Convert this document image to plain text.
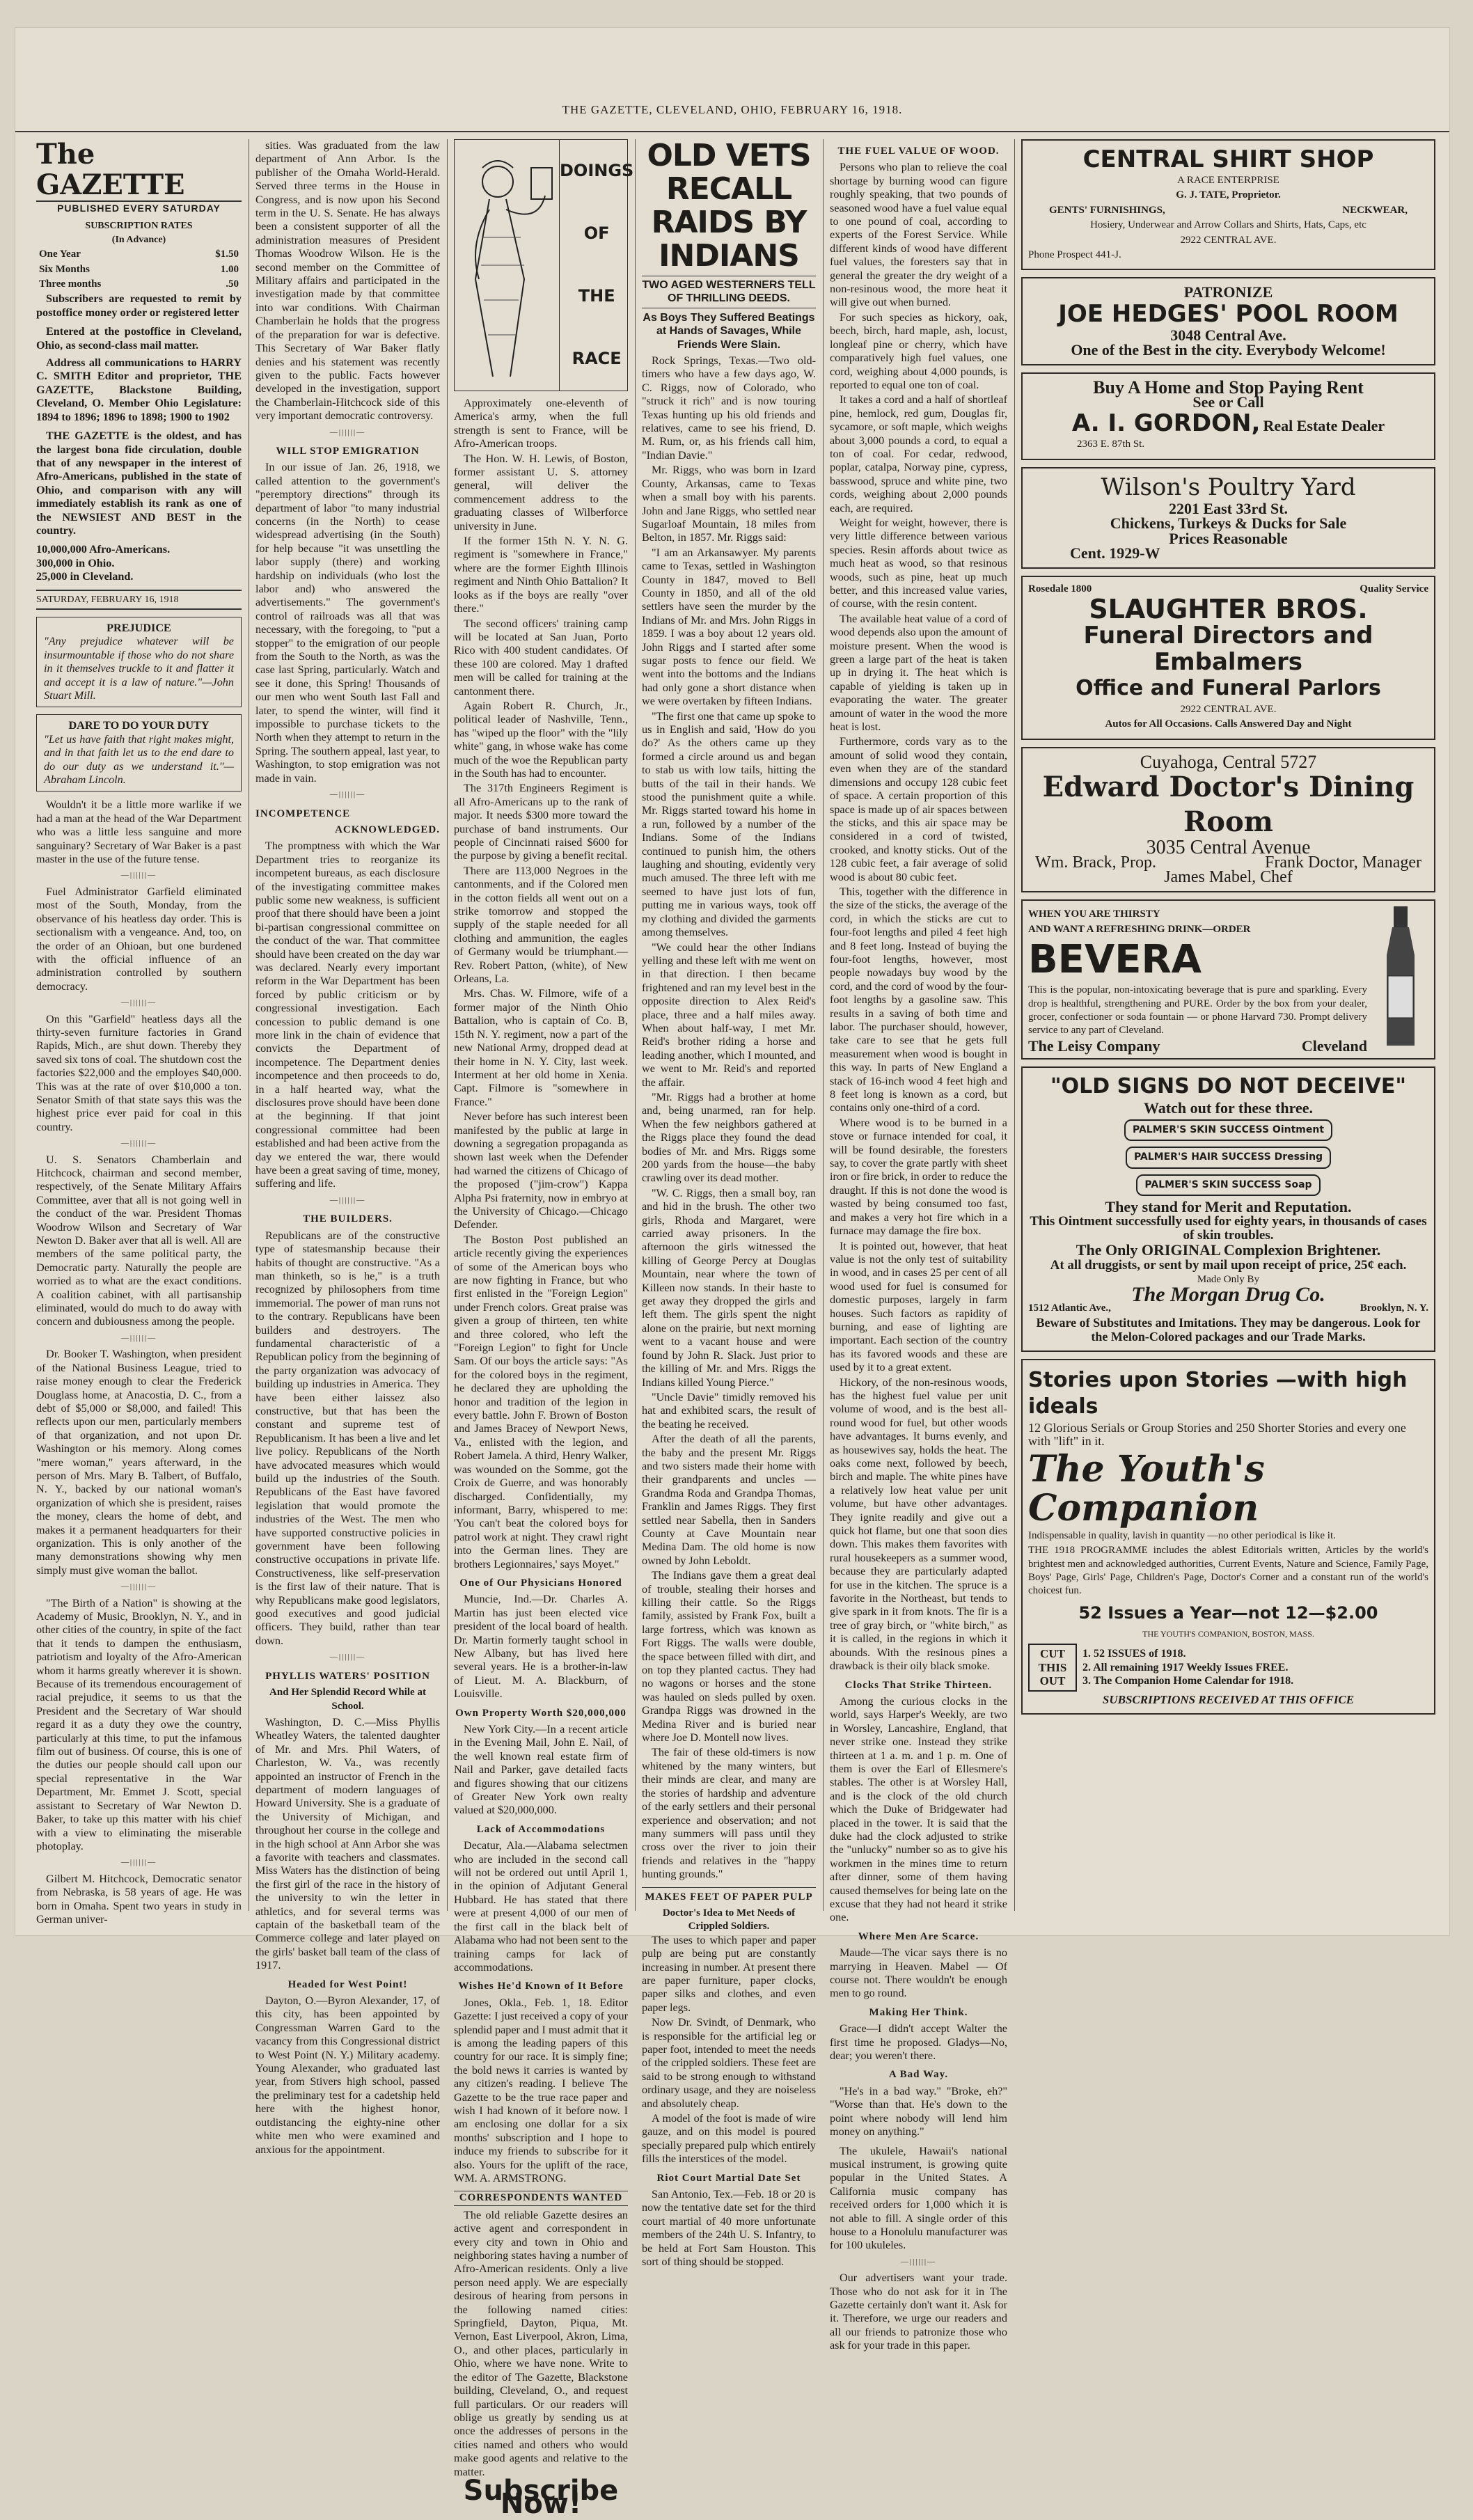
THE GAZETTE, CLEVELAND, OHIO, FEBRUARY 16, 1918.
The GAZETTE
PUBLISHED EVERY SATURDAY
SUBSCRIPTION RATES
(In Advance)
One Year	$1.50
Six Months	1.00
Three months	.50

Subscribers are requested to remit by postoffice money order or registered letter

Entered at the postoffice in Cleveland, Ohio, as second-class mail matter.

Address all communications to HARRY C. SMITH Editor and proprietor, THE GAZETTE, Blackstone Building, Cleveland, O. Member Ohio Legislature: 1894 to 1896; 1896 to 1898; 1900 to 1902

THE GAZETTE is the oldest, and has the largest bona fide circulation, double that of any newspaper in the interest of Afro-Americans, published in the state of Ohio, and comparison with any will immediately establish its rank as one of the NEWSIEST AND BEST in the country.

10,000,000 Afro-Americans.
300,000 in Ohio.
25,000 in Cleveland.
SATURDAY, FEBRUARY 16, 1918
PREJUDICE
"Any prejudice whatever will be insurmountable if those who do not share in it themselves truckle to it and flatter it and accept it is a law of nature."—John Stuart Mill.
DARE TO DO YOUR DUTY
"Let us have faith that right makes might, and in that faith let us to the end dare to do our duty as we understand it."—Abraham Lincoln.

Wouldn't it be a little more warlike if we had a man at the head of the War Department who was a little less sanguine and more sanguinary? Secretary of War Baker is a past master in the use of the future tense.

—||||||—

Fuel Administrator Garfield eliminated most of the South, Monday, from the observance of his heatless day order. This is sectionalism with a vengeance. And, too, on the order of an Ohioan, but one burdened with the official influence of an administration controlled by southern democracy.

—||||||—

On this "Garfield" heatless days all the thirty-seven furniture factories in Grand Rapids, Mich., are shut down. Thereby they saved six tons of coal. The shutdown cost the factories $22,000 and the employes $40,000. This was at the rate of over $10,000 a ton. Senator Smith of that state says this was the highest price ever paid for coal in this country.

—||||||—

U. S. Senators Chamberlain and Hitchcock, chairman and second member, respectively, of the Senate Military Affairs Committee, aver that all is not going well in the conduct of the war. President Thomas Woodrow Wilson and Secretary of War Newton D. Baker aver that all is well. All are members of the same political party, the Democratic party. Naturally the people are worried as to what are the exact conditions. A coalition cabinet, with all partisanship eliminated, would do much to do away with concern and dubiousness among the people.

—||||||—

Dr. Booker T. Washington, when president of the National Business League, tried to raise money enough to clear the Frederick Douglass home, at Anacostia, D. C., from a debt of $5,000 or $8,000, and failed! This reflects upon our men, particularly members of that organization, and not upon Dr. Washington or his memory. Along comes "mere woman," years afterward, in the person of Mrs. Mary B. Talbert, of Buffalo, N. Y., backed by our national woman's organization of which she is president, raises the money, clears the home of debt, and makes it a permanent headquarters for their organization. This is only another of the many demonstrations showing why men simply must give woman the ballot.

—||||||—

"The Birth of a Nation" is showing at the Academy of Music, Brooklyn, N. Y., and in other cities of the country, in spite of the fact that it tends to dampen the enthusiasm, patriotism and loyalty of the Afro-American whom it harms greatly wherever it is shown. Because of its tremendous encouragement of racial prejudice, it seems to us that the President and the Secretary of War should regard it as a duty they owe the country, particularly at this time, to put the infamous film out of business. Of course, this is one of the duties our people should call upon our special representative in the War Department, Mr. Emmet J. Scott, special assistant to Secretary of War Newton D. Baker, to take up this matter with his chief with a view to eliminating the miserable photoplay.

—||||||—

Gilbert M. Hitchcock, Democratic senator from Nebraska, is 58 years of age. He was born in Omaha. Spent two years in study in German univer-

sities. Was graduated from the law department of Ann Arbor. Is the publisher of the Omaha World-Herald. Served three terms in the House in Congress, and is now upon his Second term in the U. S. Senate. He has always been a consistent supporter of all the administration measures of President Thomas Woodrow Wilson. He is the second member on the Committee of Military affairs and participated in the investigation made by that committee into war conditions. With Chairman Chamberlain he holds that the progress of the preparation for war is defective. This Secretary of War Baker flatly denies and his statement was recently given to the public. Facts however developed in the investigation, support the Chamberlain-Hitchcock side of this very important democratic controversy.

—||||||—
WILL STOP EMIGRATION

In our issue of Jan. 26, 1918, we called attention to the government's "peremptory directions" through its department of labor "to many industrial concerns (in the North) to cease widespread advertising (in the South) for help because "it was unsettling the labor supply (there) and working hardship on individuals (who lost the labor and) who answered the advertisements." The government's control of railroads was all that was necessary, with the foregoing, to "put a stopper" to the emigration of our people from the South to the North, as was the case last Spring, particularly. Watch and see it done, this Spring! Thousands of our men who went South last Fall and later, to spend the winter, will find it impossible to purchase tickets to the North when they attempt to return in the Spring. The southern appeal, last year, to Washington, to stop emigration was not made in vain.

—||||||—
INCOMPETENCE
ACKNOWLEDGED.

The promptness with which the War Department tries to reorganize its incompetent bureaus, as each disclosure of the investigating committee makes public some new weakness, is sufficient proof that there should have been a joint bi-partisan congressional committee on the conduct of the war. That committee should have been created on the day war was declared. Nearly every important reform in the War Department has been forced by public criticism or by congressional investigation. Each concession to public demand is one more link in the chain of evidence that convicts the Department of incompetence. The Department denies incompetence and then proceeds to do, in a half hearted way, what the disclosures prove should have been done at the beginning. If that joint congressional committee had been established and had been active from the day we entered the war, there would have been a great saving of time, money, suffering and life.

—||||||—
THE BUILDERS.

Republicans are of the constructive type of statesmanship because their habits of thought are constructive. "As a man thinketh, so is he," is a truth recognized by philosophers from time immemorial. The power of man runs not to the contrary. Republicans have been builders and destroyers. The fundamental characteristic of a Republican policy from the beginning of the party organization was advocacy of building up industries in America. They have been either laissez also constructive, but that has been the constant and supreme test of Republicanism. It has been a live and let live policy. Republicans of the North have advocated measures which would build up the industries of the South. Republicans of the East have favored legislation that would promote the industries of the West. The men who have supported constructive policies in government have been following constructive occupations in private life. Constructiveness, like self-preservation is the first law of their nature. That is why Republicans make good legislators, good executives and good judicial officers. They build, rather than tear down.

—||||||—
PHYLLIS WATERS' POSITION
And Her Splendid Record While at School.

Washington, D. C.—Miss Phyllis Wheatley Waters, the talented daughter of Mr. and Mrs. Phil Waters, of Charleston, W. Va., was recently appointed an instructor of French in the department of modern languages of Howard University. She is a graduate of the University of Michigan, and throughout her course in the college and in the high school at Ann Arbor she was a favorite with teachers and classmates. Miss Waters has the distinction of being the first girl of the race in the history of the university to win the letter in athletics, and for several terms was captain of the basketball team of the Commerce college and later played on the girls' basket ball team of the class of 1917.

Headed for West Point!

Dayton, O.—Byron Alexander, 17, of this city, has been appointed by Congressman Warren Gard to the vacancy from this Congressional district to West Point (N. Y.) Military academy. Young Alexander, who graduated last year, from Stivers high school, passed the preliminary test for a cadetship held here with the highest honor, outdistancing the eighty-nine other white men who were examined and anxious for the appointment.

DOINGS
OF
THE
RACE

Approximately one-eleventh of America's army, when the full strength is sent to France, will be Afro-American troops.

The Hon. W. H. Lewis, of Boston, former assistant U. S. attorney general, will deliver the commencement address to the graduating classes of Wilberforce university in June.

If the former 15th N. Y. N. G. regiment is "somewhere in France," where are the former Eighth Illinois regiment and Ninth Ohio Battalion? It looks as if the boys are really "over there."

The second officers' training camp will be located at San Juan, Porto Rico with 400 student candidates. Of these 100 are colored. May 1 drafted men will be called for training at the cantonment there.

Again Robert R. Church, Jr., political leader of Nashville, Tenn., has "wiped up the floor" with the "lily white" gang, in whose wake has come much of the woe the Republican party in the South has had to encounter.

The 317th Engineers Regiment is all Afro-Americans up to the rank of major. It needs $300 more toward the purchase of band instruments. Our people of Cincinnati raised $600 for the purpose by giving a benefit recital.

There are 113,000 Negroes in the cantonments, and if the Colored men in the cotton fields all went out on a strike tomorrow and stopped the supply of the staple needed for all clothing and ammunition, the eagles of Germany would be triumphant.—Rev. Robert Patton, (white), of New Orleans, La.

Mrs. Chas. W. Filmore, wife of a former major of the Ninth Ohio Battalion, who is captain of Co. B, 15th N. Y. regiment, now a part of the new National Army, dropped dead at their home in N. Y. City, last week. Interment at her old home in Xenia. Capt. Filmore is "somewhere in France."

Never before has such interest been manifested by the public at large in downing a segregation propaganda as shown last week when the Defender had warned the citizens of Chicago of the proposed ("jim-crow") Kappa Alpha Psi fraternity, now in embryo at the University of Chicago.—Chicago Defender.

The Boston Post published an article recently giving the experiences of some of the American boys who are now fighting in France, but who first enlisted in the "Foreign Legion" under French colors. Great praise was given a group of thirteen, ten white and three colored, who left the "Foreign Legion" to fight for Uncle Sam. Of our boys the article says: "As for the colored boys in the regiment, he declared they are upholding the honor and tradition of the legion in every battle. John F. Brown of Boston and James Bracey of Newport News, Va., enlisted with the legion, and Robert Jamela. A third, Henry Walker, was wounded on the Somme, got the Croix de Guerre, and was honorably discharged. Confidentially, my informant, Barry, whispered to me: 'You can't beat the colored boys for patrol work at night. They crawl right into the German lines. They are brothers Legionnaires,' says Moyet."

One of Our Physicians Honored

Muncie, Ind.—Dr. Charles A. Martin has just been elected vice president of the local board of health. Dr. Martin formerly taught school in New Albany, but has lived here several years. He is a brother-in-law of Lieut. M. A. Blackburn, of Louisville.

Own Property Worth $20,000,000

New York City.—In a recent article in the Evening Mail, John E. Nail, of the well known real estate firm of Nail and Parker, gave detailed facts and figures showing that our citizens of Greater New York own realty valued at $20,000,000.

Lack of Accommodations

Decatur, Ala.—Alabama selectmen who are included in the second call will not be ordered out until April 1, in the opinion of Adjutant General Hubbard. He has stated that there were at present 4,000 of our men of the first call in the black belt of Alabama who had not been sent to the training camps for lack of accommodations.

Wishes He'd Known of It Before

Jones, Okla., Feb. 1, 18. Editor Gazette: I just received a copy of your splendid paper and I must admit that it is among the leading papers of this country for our race. It is simply fine; the bold news it carries is wanted by any citizen's reading. I believe The Gazette to be the true race paper and wish I had known of it before now. I am enclosing one dollar for a six months' subscription and I hope to induce my friends to subscribe for it also. Yours for the uplift of the race, WM. A. ARMSTRONG.

CORRESPONDENTS WANTED

The old reliable Gazette desires an active agent and correspondent in every city and town in Ohio and neighboring states having a number of Afro-American residents. Only a live person need apply. We are especially desirous of hearing from persons in the following named cities: Springfield, Dayton, Piqua, Mt. Vernon, East Liverpool, Akron, Lima, O., and other places, particularly in Ohio, where we have none. Write to the editor of The Gazette, Blackstone building, Cleveland, O., and request full particulars. Or our readers will oblige us greatly by sending us at once the addresses of persons in the cities named and others who would make good agents and relative to the matter.

Subscribe Now!
OLD VETS RECALL RAIDS BY INDIANS
TWO AGED WESTERNERS TELL OF THRILLING DEEDS.
As Boys They Suffered Beatings at Hands of Savages, While Friends Were Slain.

Rock Springs, Texas.—Two old-timers who have a few days ago, W. C. Riggs, now of Colorado, who "struck it rich" and is now touring Texas hunting up his old friends and relatives, came to see his friend, D. M. Rum, or, as his friends call him, "Indian Davie."

Mr. Riggs, who was born in Izard County, Arkansas, came to Texas when a small boy with his parents. John and Jane Riggs, who settled near Sugarloaf Mountain, 18 miles from Belton, in 1857. Mr. Riggs said:

"I am an Arkansawyer. My parents came to Texas, settled in Washington County in 1847, moved to Bell County in 1850, and all of the old settlers have seen the murder by the Indians of Mr. and Mrs. John Riggs in 1859. I was a boy about 12 years old. John Riggs and I started after some sugar posts to fence our field. We went into the bottoms and the Indians had only gone a short distance when we were overtaken by fifteen Indians.

"The first one that came up spoke to us in English and said, 'How do you do?' As the others came up they formed a circle around us and began to stab us with low tails, hitting the butts of the tail in their hands. We stood the punishment quite a while. Mr. Riggs started toward his home in a run, followed by a number of the Indians. Some of the Indians continued to punish him, the others laughing and shouting, evidently very much amused. The three left with me seemed to have just lots of fun, putting me in various ways, took off my clothing and divided the garments among themselves.

"We could hear the other Indians yelling and these left with me went on in that direction. I then became frightened and ran my level best in the opposite direction to Alex Reid's place, three and a half miles away. When about half-way, I met Mr. Reid's brother riding a horse and leading another, which I mounted, and we went to Mr. Reid's and reported the affair.

"Mr. Riggs had a brother at home and, being unarmed, ran for help. When the few neighbors gathered at the Riggs place they found the dead bodies of Mr. and Mrs. Riggs some 200 yards from the house—the baby crawling over its dead mother.

"W. C. Riggs, then a small boy, ran and hid in the brush. The other two girls, Rhoda and Margaret, were carried away prisoners. In the afternoon the girls witnessed the killing of George Percy at Douglas Mountain, near where the town of Killeen now stands. In their haste to get away they dropped the girls and left them. The girls spent the night alone on the prairie, but next morning went to a vacant house and were found by John R. Slack. Just prior to the killing of Mr. and Mrs. Riggs the Indians killed Young Pierce."

"Uncle Davie" timidly removed his hat and exhibited scars, the result of the beating he received.

After the death of all the parents, the baby and the present Mr. Riggs and two sisters made their home with their grandparents and uncles — Grandma Roda and Grandpa Thomas, Franklin and James Riggs. They first settled near Sabella, then in Sanders County at Cave Mountain near Medina Dam. The old home is now owned by John Leboldt.

The Indians gave them a great deal of trouble, stealing their horses and killing their cattle. So the Riggs family, assisted by Frank Fox, built a large fortress, which was known as Fort Riggs. The walls were double, the space between filled with dirt, and on top they planted cactus. They had no wagons or horses and the stone was hauled on sleds pulled by oxen. Grandpa Riggs was drowned in the Medina River and is buried near where Joe D. Montell now lives.

The fair of these old-timers is now whitened by the many winters, but their minds are clear, and many are the stories of hardship and adventure of the early settlers and their personal experience and observation; and not many summers will pass until they cross over the river to join their friends and relatives in the "happy hunting grounds."

MAKES FEET OF PAPER PULP
Doctor's Idea to Met Needs of Crippled Soldiers.

The uses to which paper and paper pulp are being put are constantly increasing in number. At present there are paper furniture, paper clocks, paper silks and clothes, and even paper legs.

Now Dr. Svindt, of Denmark, who is responsible for the artificial leg or paper foot, intended to meet the needs of the crippled soldiers. These feet are said to be strong enough to withstand ordinary usage, and they are noiseless and absolutely cheap.

A model of the foot is made of wire gauze, and on this model is poured specially prepared pulp which entirely fills the interstices of the model.

Riot Court Martial Date Set

San Antonio, Tex.—Feb. 18 or 20 is now the tentative date set for the third court martial of 40 more unfortunate members of the 24th U. S. Infantry, to be held at Fort Sam Houston. This sort of thing should be stopped.

THE FUEL VALUE OF WOOD.

Persons who plan to relieve the coal shortage by burning wood can figure roughly speaking, that two pounds of seasoned wood have a fuel value equal to one pound of coal, according to experts of the Forest Service. While different kinds of wood have different fuel values, the foresters say that in general the greater the dry weight of a non-resinous wood, the more heat it will give out when burned.

For such species as hickory, oak, beech, birch, hard maple, ash, locust, longleaf pine or cherry, which have comparatively high fuel values, one cord, weighing about 4,000 pounds, is reported to equal one ton of coal.

It takes a cord and a half of shortleaf pine, hemlock, red gum, Douglas fir, sycamore, or soft maple, which weighs about 3,000 pounds a cord, to equal a ton of coal. For cedar, redwood, poplar, catalpa, Norway pine, cypress, basswood, spruce and white pine, two cords, weighing about 2,000 pounds each, are required.

Weight for weight, however, there is very little difference between various species. Resin affords about twice as much heat as wood, so that resinous woods, such as pine, heat up much better, and this increased value varies, of course, with the resin content.

The available heat value of a cord of wood depends also upon the amount of moisture present. When the wood is green a large part of the heat is taken up in drying it. The heat which is capable of yielding is taken up in evaporating the water. The greater amount of water in the wood the more heat is lost.

Furthermore, cords vary as to the amount of solid wood they contain, even when they are of the standard dimensions and occupy 128 cubic feet of space. A certain proportion of this space is made up of air spaces between the sticks, and this air space may be considered in a cord of twisted, crooked, and knotty sticks. Out of the 128 cubic feet, a fair average of solid wood is about 80 cubic feet.

This, together with the difference in the size of the sticks, the average of the cord, in which the sticks are cut to four-foot lengths and piled 4 feet high and 8 feet long. Instead of buying the four-foot lengths, however, most people nowadays buy wood by the cord, and the cord of wood by the four-foot lengths by a gasoline saw. This results in a saving of both time and labor. The purchaser should, however, take care to see that he gets full measurement when wood is bought in this way. In parts of New England a stack of 16-inch wood 4 feet high and 8 feet long is known as a cord, but contains only one-third of a cord.

Where wood is to be burned in a stove or furnace intended for coal, it will be found desirable, the foresters say, to cover the grate partly with sheet iron or fire brick, in order to reduce the draught. If this is not done the wood is wasted by being consumed too fast, and makes a very hot fire which in a furnace may damage the fire box.

It is pointed out, however, that heat value is not the only test of suitability in wood, and in cases 25 per cent of all wood used for fuel is consumed for domestic purposes, largely in farm houses. Such factors as rapidity of burning, and ease of lighting are important. Each section of the country has its favored woods and these are used by it to a great extent.

Hickory, of the non-resinous woods, has the highest fuel value per unit volume of wood, and is the best all-round wood for fuel, but other woods have advantages. It burns evenly, and as housewives say, holds the heat. The oaks come next, followed by beech, birch and maple. The white pines have a relatively low heat value per unit volume, but have other advantages. They ignite readily and give out a quick hot flame, but one that soon dies down. This makes them favorites with rural housekeepers as a summer wood, because they are particularly adapted for use in the kitchen. The spruce is a favorite in the Northeast, but tends to give spark in it from knots. The fir is a tree of gray birch, or "white birch," as it is called, in the regions in which it abounds. With the resinous pines a drawback is their oily black smoke.

Clocks That Strike Thirteen.

Among the curious clocks in the world, says Harper's Weekly, are two in Worsley, Lancashire, England, that never strike one. Instead they strike thirteen at 1 a. m. and 1 p. m. One of them is over the Earl of Ellesmere's stables. The other is at Worsley Hall, and is the clock of the old church which the Duke of Bridgewater had placed in the tower. It is said that the duke had the clock adjusted to strike the "unlucky" number so as to give his workmen in the mines time to return after dinner, some of them having caused themselves for being late on the excuse that they had not heard it strike one.

Where Men Are Scarce.

Maude—The vicar says there is no marrying in Heaven. Mabel — Of course not. There wouldn't be enough men to go round.

Making Her Think.

Grace—I didn't accept Walter the first time he proposed. Gladys—No, dear; you weren't there.

A Bad Way.

"He's in a bad way." "Broke, eh?" "Worse than that. He's down to the point where nobody will lend him money on anything."

The ukulele, Hawaii's national musical instrument, is growing quite popular in the United States. A California music company has received orders for 1,000 which it is not able to fill. A single order of this house to a Honolulu manufacturer was for 100 ukuleles.

—||||||—

Our advertisers want your trade. Those who do not ask for it in The Gazette certainly don't want it. Ask for it. Therefore, we urge our readers and all our friends to patronize those who ask for your trade in this paper.

CENTRAL SHIRT SHOP

A RACE ENTERPRISE

G. J. TATE, Proprietor.

GENTS' FURNISHINGS,	NECKWEAR,

Hosiery, Underwear and Arrow Collars and Shirts, Hats, Caps, etc

2922 CENTRAL AVE.

Phone Prospect 441-J.

PATRONIZE

JOE HEDGES' POOL ROOM

3048 Central Ave.

One of the Best in the city. Everybody Welcome!

Buy A Home and Stop Paying Rent

See or Call

A. I. GORDON, Real Estate Dealer

2363 E. 87th St.

Wilson's Poultry Yard

2201 East 33rd St.

Chickens, Turkeys & Ducks for Sale

Prices Reasonable

Cent. 1929-W

Rosedale 1800	Quality Service
SLAUGHTER BROS.
Funeral Directors and
Embalmers
Office and Funeral Parlors

2922 CENTRAL AVE.

Autos for All Occasions. Calls Answered Day and Night

Cuyahoga, Central 5727

Edward Doctor's Dining Room

3035 Central Avenue

Wm. Brack, Prop.	Frank Doctor, Manager

James Mabel, Chef

WHEN YOU ARE THIRSTY

AND WANT A REFRESHING DRINK—ORDER

BEVERA

This is the popular, non-intoxicating beverage that is pure and sparkling. Every drop is healthful, strengthening and PURE. Order by the box from your dealer, grocer, confectioner or soda fountain — or phone Harvard 730. Prompt delivery service to any part of Cleveland.

The Leisy Company	Cleveland
"OLD SIGNS DO NOT DECEIVE"

Watch out for these three.

PALMER'S SKIN SUCCESS Ointment PALMER'S HAIR SUCCESS Dressing PALMER'S SKIN SUCCESS Soap

They stand for Merit and Reputation.

This Ointment successfully used for eighty years, in thousands of cases of skin troubles.

The Only ORIGINAL Complexion Brightener.

At all druggists, or sent by mail upon receipt of price, 25¢ each.

Made Only By

The Morgan Drug Co.
1512 Atlantic Ave.,	Brooklyn, N. Y.

Beware of Substitutes and Imitations. They may be dangerous. Look for the Melon-Colored packages and our Trade Marks.

Stories upon Stories —with high ideals

12 Glorious Serials or Group Stories and 250 Shorter Stories and every one with "lift" in it.

The Youth's Companion

Indispensable in quality, lavish in quantity —no other periodical is like it.

THE 1918 PROGRAMME includes the ablest Editorials written, Articles by the world's brightest men and acknowledged authorities, Current Events, Nature and Science, Family Page, Boys' Page, Girls' Page, Children's Page, Doctor's Corner and a constant run of the world's choicest fun.

52 Issues a Year—not 12—$2.00

THE YOUTH'S COMPANION, BOSTON, MASS.

CUT THIS OUT
1. 52 ISSUES of 1918.
2. All remaining 1917 Weekly Issues FREE.
3. The Companion Home Calendar for 1918.

SUBSCRIPTIONS RECEIVED AT THIS OFFICE
